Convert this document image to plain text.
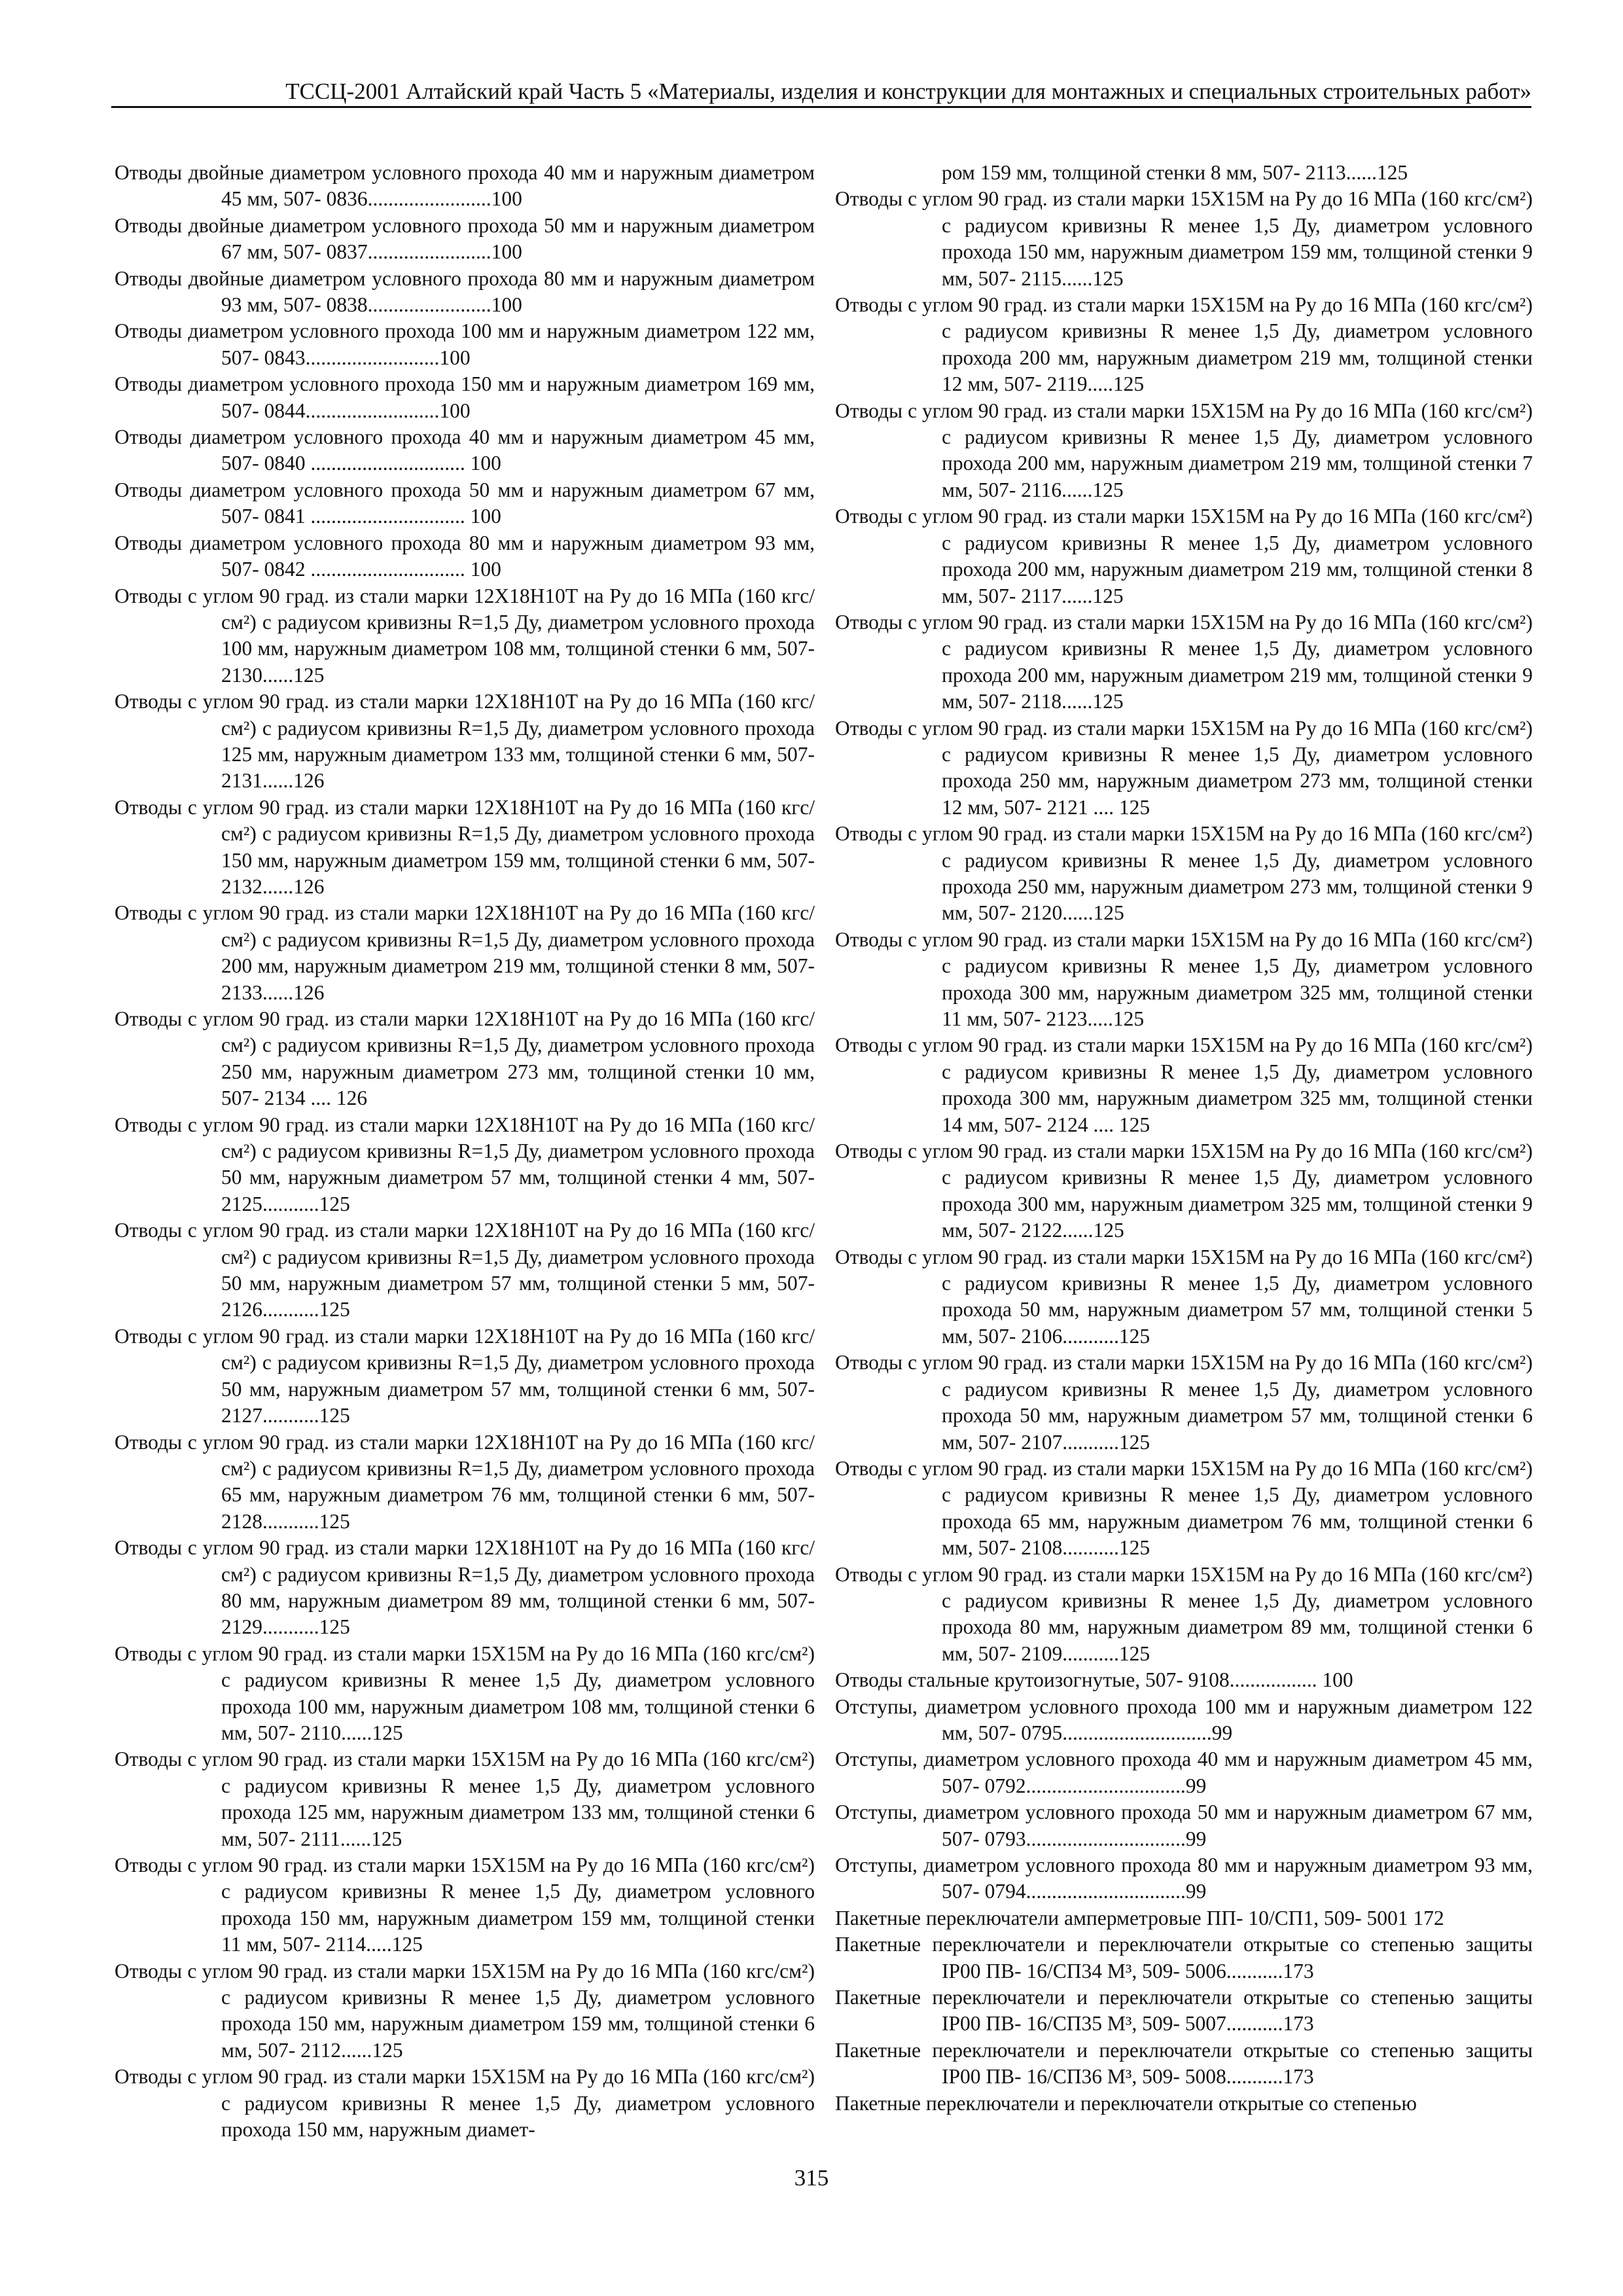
ТССЦ-2001 Алтайский край Часть 5 «Материалы, изделия и конструкции для монтажных и специальных строительных работ»
Отводы двойные диаметром условного прохода 40 мм и наружным диаметром 45 мм, 507- 0836........................100
Отводы двойные диаметром условного прохода 50 мм и наружным диаметром 67 мм, 507- 0837........................100
Отводы двойные диаметром условного прохода 80 мм и наружным диаметром 93 мм, 507- 0838........................100
Отводы диаметром условного прохода 100 мм и наружным диаметром 122 мм, 507- 0843..........................100
Отводы диаметром условного прохода 150 мм и наружным диаметром 169 мм, 507- 0844..........................100
Отводы диаметром условного прохода 40 мм и наружным диаметром 45 мм, 507- 0840 .............................. 100
Отводы диаметром условного прохода 50 мм и наружным диаметром 67 мм, 507- 0841 .............................. 100
Отводы диаметром условного прохода 80 мм и наружным диаметром 93 мм, 507- 0842 .............................. 100
Отводы с углом 90 град. из стали марки 12Х18Н10Т на Ру до 16 МПа (160 кгс/см²) с радиусом кривизны R=1,5 Ду, диаметром условного прохода 100 мм, наружным диаметром 108 мм, толщиной стенки 6 мм, 507- 2130......125
Отводы с углом 90 град. из стали марки 12Х18Н10Т на Ру до 16 МПа (160 кгс/см²) с радиусом кривизны R=1,5 Ду, диаметром условного прохода 125 мм, наружным диаметром 133 мм, толщиной стенки 6 мм, 507- 2131......126
Отводы с углом 90 град. из стали марки 12Х18Н10Т на Ру до 16 МПа (160 кгс/см²) с радиусом кривизны R=1,5 Ду, диаметром условного прохода 150 мм, наружным диаметром 159 мм, толщиной стенки 6 мм, 507- 2132......126
Отводы с углом 90 град. из стали марки 12Х18Н10Т на Ру до 16 МПа (160 кгс/см²) с радиусом кривизны R=1,5 Ду, диаметром условного прохода 200 мм, наружным диаметром 219 мм, толщиной стенки 8 мм, 507- 2133......126
Отводы с углом 90 град. из стали марки 12Х18Н10Т на Ру до 16 МПа (160 кгс/см²) с радиусом кривизны R=1,5 Ду, диаметром условного прохода 250 мм, наружным диаметром 273 мм, толщиной стенки 10 мм, 507- 2134 .... 126
Отводы с углом 90 град. из стали марки 12Х18Н10Т на Ру до 16 МПа (160 кгс/см²) с радиусом кривизны R=1,5 Ду, диаметром условного прохода 50 мм, наружным диаметром 57 мм, толщиной стенки 4 мм, 507- 2125...........125
Отводы с углом 90 град. из стали марки 12Х18Н10Т на Ру до 16 МПа (160 кгс/см²) с радиусом кривизны R=1,5 Ду, диаметром условного прохода 50 мм, наружным диаметром 57 мм, толщиной стенки 5 мм, 507- 2126...........125
Отводы с углом 90 град. из стали марки 12Х18Н10Т на Ру до 16 МПа (160 кгс/см²) с радиусом кривизны R=1,5 Ду, диаметром условного прохода 50 мм, наружным диаметром 57 мм, толщиной стенки 6 мм, 507- 2127...........125
Отводы с углом 90 град. из стали марки 12Х18Н10Т на Ру до 16 МПа (160 кгс/см²) с радиусом кривизны R=1,5 Ду, диаметром условного прохода 65 мм, наружным диаметром 76 мм, толщиной стенки 6 мм, 507- 2128...........125
Отводы с углом 90 град. из стали марки 12Х18Н10Т на Ру до 16 МПа (160 кгс/см²) с радиусом кривизны R=1,5 Ду, диаметром условного прохода 80 мм, наружным диаметром 89 мм, толщиной стенки 6 мм, 507- 2129...........125
Отводы с углом 90 град. из стали марки 15Х15М на Ру до 16 МПа (160 кгс/см²) с радиусом кривизны R менее 1,5 Ду, диаметром условного прохода 100 мм, наружным диаметром 108 мм, толщиной стенки 6 мм, 507- 2110......125
Отводы с углом 90 град. из стали марки 15Х15М на Ру до 16 МПа (160 кгс/см²) с радиусом кривизны R менее 1,5 Ду, диаметром условного прохода 125 мм, наружным диаметром 133 мм, толщиной стенки 6 мм, 507- 2111......125
Отводы с углом 90 град. из стали марки 15Х15М на Ру до 16 МПа (160 кгс/см²) с радиусом кривизны R менее 1,5 Ду, диаметром условного прохода 150 мм, наружным диаметром 159 мм, толщиной стенки 11 мм, 507- 2114.....125
Отводы с углом 90 град. из стали марки 15Х15М на Ру до 16 МПа (160 кгс/см²) с радиусом кривизны R менее 1,5 Ду, диаметром условного прохода 150 мм, наружным диаметром 159 мм, толщиной стенки 6 мм, 507- 2112......125
Отводы с углом 90 град. из стали марки 15Х15М на Ру до 16 МПа (160 кгс/см²) с радиусом кривизны R менее 1,5 Ду, диаметром условного прохода 150 мм, наружным диамет-
ром 159 мм, толщиной стенки 8 мм, 507- 2113......125
Отводы с углом 90 град. из стали марки 15Х15М на Ру до 16 МПа (160 кгс/см²) с радиусом кривизны R менее 1,5 Ду, диаметром условного прохода 150 мм, наружным диаметром 159 мм, толщиной стенки 9 мм, 507- 2115......125
Отводы с углом 90 град. из стали марки 15Х15М на Ру до 16 МПа (160 кгс/см²) с радиусом кривизны R менее 1,5 Ду, диаметром условного прохода 200 мм, наружным диаметром 219 мм, толщиной стенки 12 мм, 507- 2119.....125
Отводы с углом 90 град. из стали марки 15Х15М на Ру до 16 МПа (160 кгс/см²) с радиусом кривизны R менее 1,5 Ду, диаметром условного прохода 200 мм, наружным диаметром 219 мм, толщиной стенки 7 мм, 507- 2116......125
Отводы с углом 90 град. из стали марки 15Х15М на Ру до 16 МПа (160 кгс/см²) с радиусом кривизны R менее 1,5 Ду, диаметром условного прохода 200 мм, наружным диаметром 219 мм, толщиной стенки 8 мм, 507- 2117......125
Отводы с углом 90 град. из стали марки 15Х15М на Ру до 16 МПа (160 кгс/см²) с радиусом кривизны R менее 1,5 Ду, диаметром условного прохода 200 мм, наружным диаметром 219 мм, толщиной стенки 9 мм, 507- 2118......125
Отводы с углом 90 град. из стали марки 15Х15М на Ру до 16 МПа (160 кгс/см²) с радиусом кривизны R менее 1,5 Ду, диаметром условного прохода 250 мм, наружным диаметром 273 мм, толщиной стенки 12 мм, 507- 2121 .... 125
Отводы с углом 90 град. из стали марки 15Х15М на Ру до 16 МПа (160 кгс/см²) с радиусом кривизны R менее 1,5 Ду, диаметром условного прохода 250 мм, наружным диаметром 273 мм, толщиной стенки 9 мм, 507- 2120......125
Отводы с углом 90 град. из стали марки 15Х15М на Ру до 16 МПа (160 кгс/см²) с радиусом кривизны R менее 1,5 Ду, диаметром условного прохода 300 мм, наружным диаметром 325 мм, толщиной стенки 11 мм, 507- 2123.....125
Отводы с углом 90 град. из стали марки 15Х15М на Ру до 16 МПа (160 кгс/см²) с радиусом кривизны R менее 1,5 Ду, диаметром условного прохода 300 мм, наружным диаметром 325 мм, толщиной стенки 14 мм, 507- 2124 .... 125
Отводы с углом 90 град. из стали марки 15Х15М на Ру до 16 МПа (160 кгс/см²) с радиусом кривизны R менее 1,5 Ду, диаметром условного прохода 300 мм, наружным диаметром 325 мм, толщиной стенки 9 мм, 507- 2122......125
Отводы с углом 90 град. из стали марки 15Х15М на Ру до 16 МПа (160 кгс/см²) с радиусом кривизны R менее 1,5 Ду, диаметром условного прохода 50 мм, наружным диаметром 57 мм, толщиной стенки 5 мм, 507- 2106...........125
Отводы с углом 90 град. из стали марки 15Х15М на Ру до 16 МПа (160 кгс/см²) с радиусом кривизны R менее 1,5 Ду, диаметром условного прохода 50 мм, наружным диаметром 57 мм, толщиной стенки 6 мм, 507- 2107...........125
Отводы с углом 90 град. из стали марки 15Х15М на Ру до 16 МПа (160 кгс/см²) с радиусом кривизны R менее 1,5 Ду, диаметром условного прохода 65 мм, наружным диаметром 76 мм, толщиной стенки 6 мм, 507- 2108...........125
Отводы с углом 90 град. из стали марки 15Х15М на Ру до 16 МПа (160 кгс/см²) с радиусом кривизны R менее 1,5 Ду, диаметром условного прохода 80 мм, наружным диаметром 89 мм, толщиной стенки 6 мм, 507- 2109...........125
Отводы стальные крутоизогнутые, 507- 9108................. 100
Отступы, диаметром условного прохода 100 мм и наружным диаметром 122 мм, 507- 0795.............................99
Отступы, диаметром условного прохода 40 мм и наружным диаметром 45 мм, 507- 0792...............................99
Отступы, диаметром условного прохода 50 мм и наружным диаметром 67 мм, 507- 0793...............................99
Отступы, диаметром условного прохода 80 мм и наружным диаметром 93 мм, 507- 0794...............................99
Пакетные переключатели амперметровые ПП- 10/СП1, 509- 5001 172
Пакетные переключатели и переключатели открытые со степенью защиты IP00 ПВ- 16/СП34 М³, 509- 5006...........173
Пакетные переключатели и переключатели открытые со степенью защиты IP00 ПВ- 16/СП35 М³, 509- 5007...........173
Пакетные переключатели и переключатели открытые со степенью защиты IP00 ПВ- 16/СП36 М³, 509- 5008...........173
Пакетные переключатели и переключатели открытые со степенью
315
